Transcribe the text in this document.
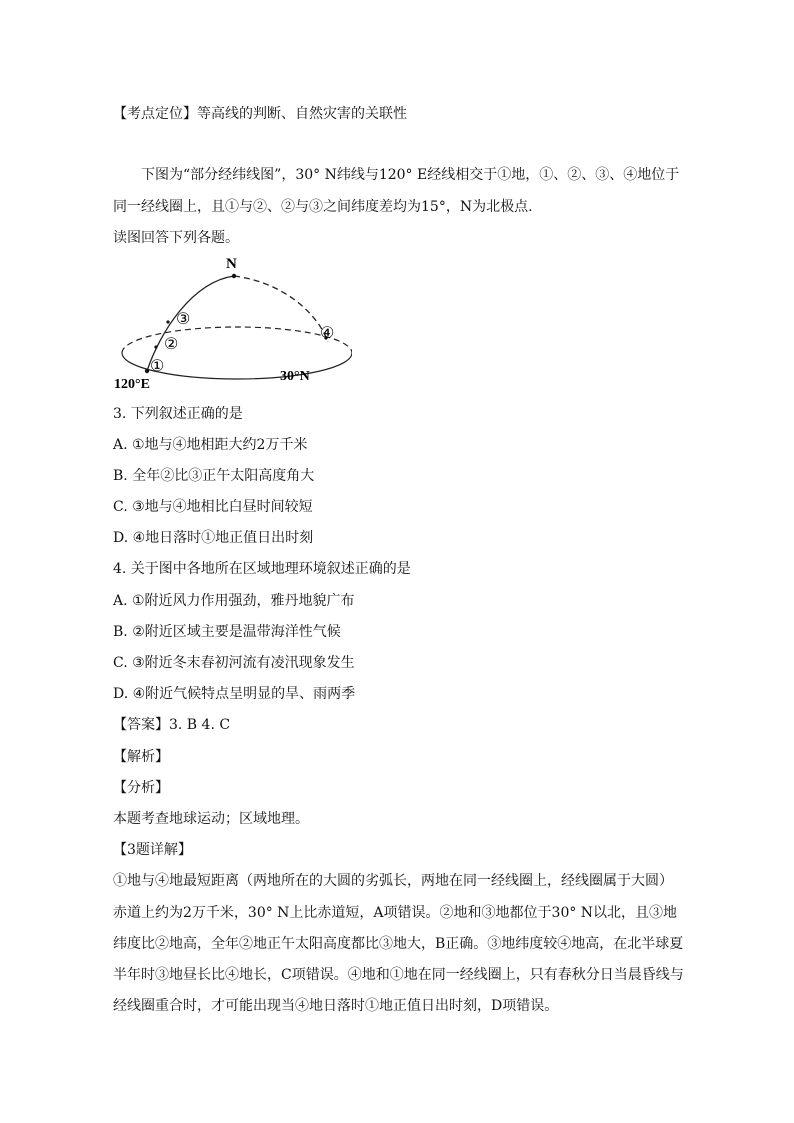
【考点定位】等高线的判断、自然灾害的关联性
下图为“部分经纬线图”，30° N纬线与120° E经线相交于①地，①、②、③、④地位于
同一经线圈上，且①与②、②与③之间纬度差均为15°，N为北极点.
读图回答下列各题。
N
③
②
①
④
30°N
120°E
3. 下列叙述正确的是
A. ①地与④地相距大约2万千米
B. 全年②比③正午太阳高度角大
C. ③地与④地相比白昼时间较短
D. ④地日落时①地正值日出时刻
4. 关于图中各地所在区域地理环境叙述正确的是
A. ①附近风力作用强劲，雅丹地貌广布
B. ②附近区域主要是温带海洋性气候
C. ③附近冬末春初河流有凌汛现象发生
D. ④附近气候特点呈明显的旱、雨两季
【答案】3. B 4. C
【解析】
【分析】
本题考查地球运动；区域地理。
【3题详解】
①地与④地最短距离（两地所在的大圆的劣弧长，两地在同一经线圈上，经线圈属于大圆）
赤道上约为2万千米，30° N上比赤道短，A项错误。②地和③地都位于30° N以北，且③地
纬度比②地高，全年②地正午太阳高度都比③地大，B正确。③地纬度较④地高，在北半球夏
半年时③地昼长比④地长，C项错误。④地和①地在同一经线圈上，只有春秋分日当晨昏线与
经线圈重合时，才可能出现当④地日落时①地正值日出时刻，D项错误。
